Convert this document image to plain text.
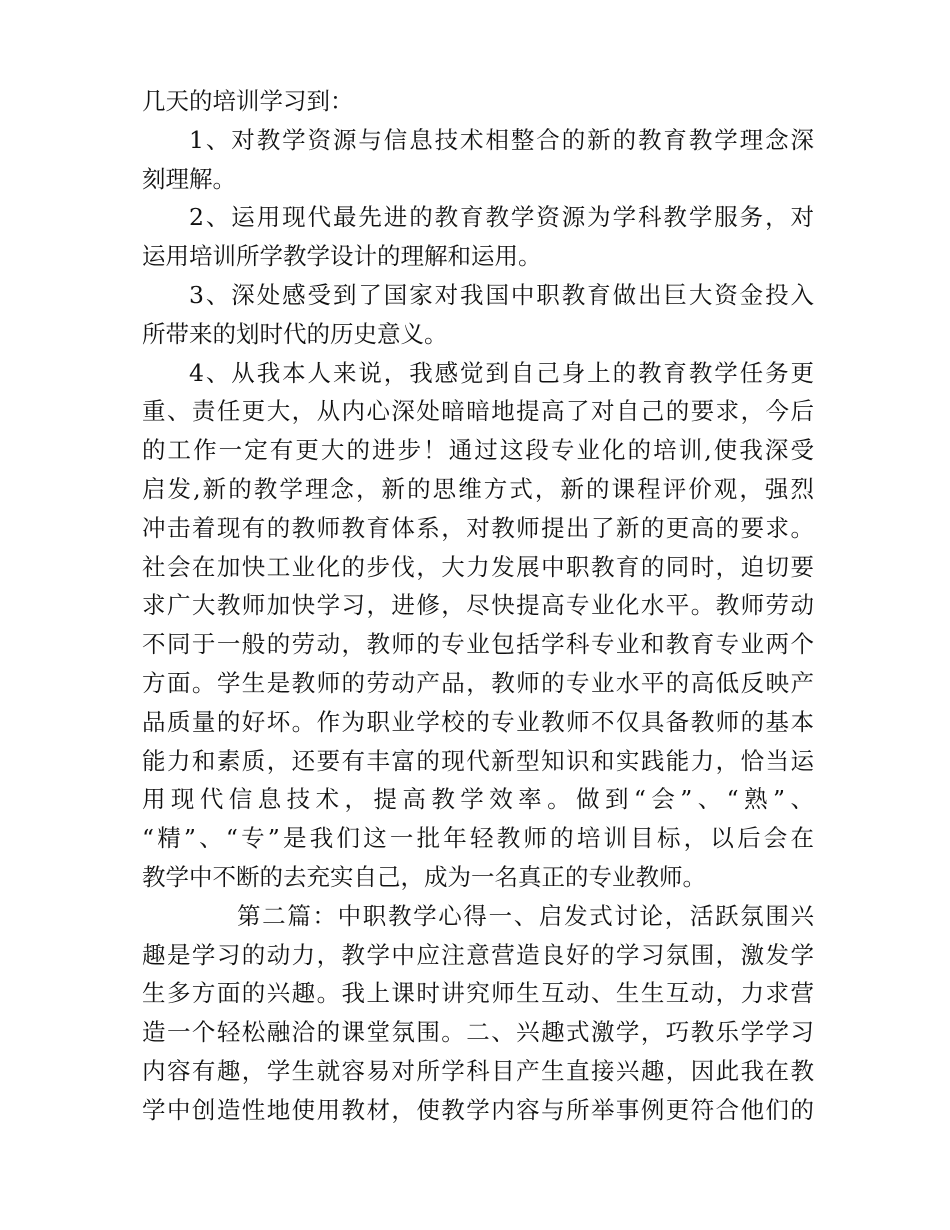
几天的培训学习到：
1、对教学资源与信息技术相整合的新的教育教学理念深
刻理解。
2、运用现代最先进的教育教学资源为学科教学服务，对
运用培训所学教学设计的理解和运用。
3、深处感受到了国家对我国中职教育做出巨大资金投入
所带来的划时代的历史意义。
4、从我本人来说，我感觉到自己身上的教育教学任务更
重、责任更大，从内心深处暗暗地提高了对自己的要求，今后
的工作一定有更大的进步！通过这段专业化的培训,使我深受
启发,新的教学理念，新的思维方式，新的课程评价观，强烈
冲击着现有的教师教育体系，对教师提出了新的更高的要求。
社会在加快工业化的步伐，大力发展中职教育的同时，迫切要
求广大教师加快学习，进修，尽快提高专业化水平。教师劳动
不同于一般的劳动，教师的专业包括学科专业和教育专业两个
方面。学生是教师的劳动产品，教师的专业水平的高低反映产
品质量的好坏。作为职业学校的专业教师不仅具备教师的基本
能力和素质，还要有丰富的现代新型知识和实践能力，恰当运
用现代信息技术，提高教学效率。做到“会”、“熟”、
“精”、“专”是我们这一批年轻教师的培训目标，以后会在
教学中不断的去充实自己，成为一名真正的专业教师。
第二篇：中职教学心得一、启发式讨论，活跃氛围兴
趣是学习的动力，教学中应注意营造良好的学习氛围，激发学
生多方面的兴趣。我上课时讲究师生互动、生生互动，力求营
造一个轻松融洽的课堂氛围。二、兴趣式激学，巧教乐学学习
内容有趣，学生就容易对所学科目产生直接兴趣，因此我在教
学中创造性地使用教材，使教学内容与所举事例更符合他们的
